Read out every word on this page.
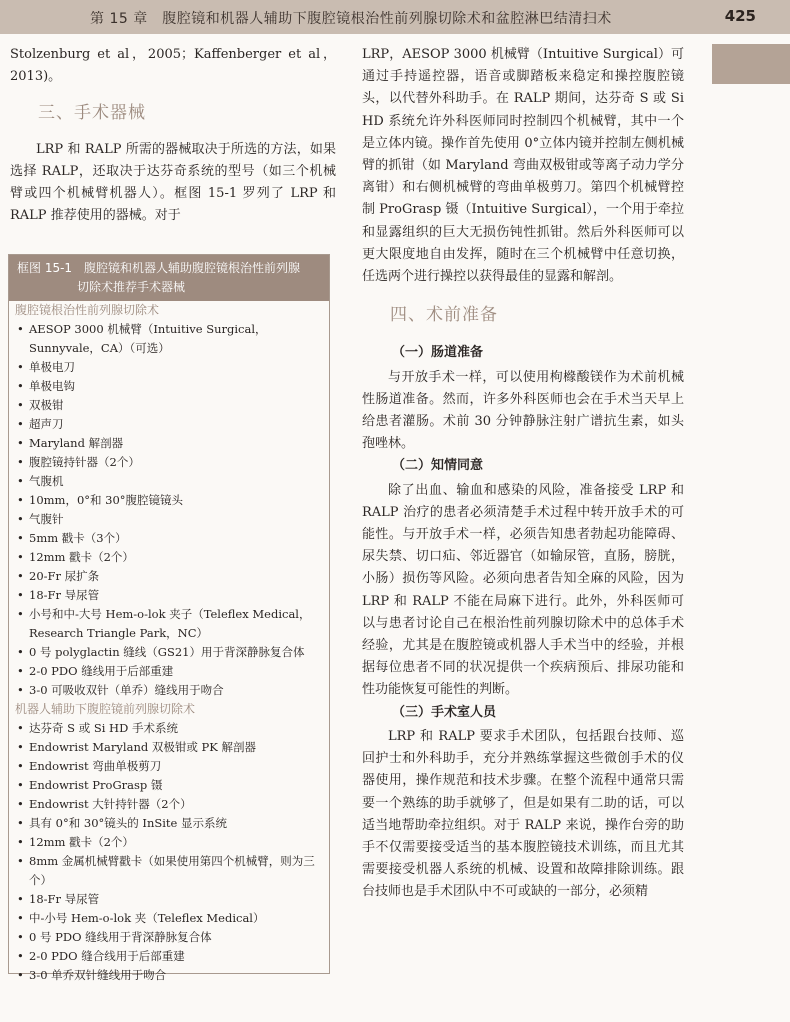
第 15 章　腹腔镜和机器人辅助下腹腔镜根治性前列腺切除术和盆腔淋巴结清扫术	425

Stolzenburg et al，2005；Kaffenberger et al，2013)。

三、手术器械

LRP 和 RALP 所需的器械取决于所选的方法，如果选择 RALP，还取决于达芬奇系统的型号（如三个机械臂或四个机械臂机器人）。框图 15-1 罗列了 LRP 和 RALP 推荐使用的器械。对于

框图 15-1　腹腔镜和机器人辅助腹腔镜根治性前列腺
切除术推荐手术器械
腹腔镜根治性前列腺切除术
• AESOP 3000 机械臂（Intuitive Surgical，Sunnyvale，CA）（可选）
• 单极电刀
• 单极电钩
• 双极钳
• 超声刀
• Maryland 解剖器
• 腹腔镜持针器（2个）
• 气腹机
• 10mm，0°和 30°腹腔镜镜头
• 气腹针
• 5mm 戳卡（3个）
• 12mm 戳卡（2个）
• 20-Fr 尿扩条
• 18-Fr 导尿管
• 小号和中-大号 Hem-o-lok 夹子（Teleflex Medical，Research Triangle Park，NC）
• 0 号 polyglactin 缝线（GS21）用于背深静脉复合体
• 2-0 PDO 缝线用于后部重建
• 3-0 可吸收双针（单乔）缝线用于吻合
机器人辅助下腹腔镜前列腺切除术
• 达芬奇 S 或 Si HD 手术系统
• Endowrist Maryland 双极钳或 PK 解剖器
• Endowrist 弯曲单极剪刀
• Endowrist ProGrasp 镊
• Endowrist 大针持针器（2个）
• 具有 0°和 30°镜头的 InSite 显示系统
• 12mm 戳卡（2个）
• 8mm 金属机械臂戳卡（如果使用第四个机械臂，则为三个）
• 18-Fr 导尿管
• 中-小号 Hem-o-lok 夹（Teleflex Medical）
• 0 号 PDO 缝线用于背深静脉复合体
• 2-0 PDO 缝合线用于后部重建
• 3-0 单乔双针缝线用于吻合

LRP，AESOP 3000 机械臂（Intuitive Surgical）可通过手持遥控器，语音或脚踏板来稳定和操控腹腔镜头，以代替外科助手。在 RALP 期间，达芬奇 S 或 Si HD 系统允许外科医师同时控制四个机械臂，其中一个是立体内镜。操作首先使用 0°立体内镜并控制左侧机械臂的抓钳（如 Maryland 弯曲双极钳或等离子动力学分离钳）和右侧机械臂的弯曲单极剪刀。第四个机械臂控制 ProGrasp 镊（Intuitive Surgical），一个用于牵拉和显露组织的巨大无损伤钝性抓钳。然后外科医师可以更大限度地自由发挥，随时在三个机械臂中任意切换，任选两个进行操控以获得最佳的显露和解剖。

四、术前准备
（一）肠道准备

与开放手术一样，可以使用枸橼酸镁作为术前机械性肠道准备。然而，许多外科医师也会在手术当天早上给患者灌肠。术前 30 分钟静脉注射广谱抗生素，如头孢唑林。

（二）知情同意

除了出血、输血和感染的风险，准备接受 LRP 和 RALP 治疗的患者必须清楚手术过程中转开放手术的可能性。与开放手术一样，必须告知患者勃起功能障碍、尿失禁、切口疝、邻近器官（如输尿管，直肠，膀胱，小肠）损伤等风险。必须向患者告知全麻的风险，因为 LRP 和 RALP 不能在局麻下进行。此外，外科医师可以与患者讨论自己在根治性前列腺切除术中的总体手术经验，尤其是在腹腔镜或机器人手术当中的经验，并根据每位患者不同的状况提供一个疾病预后、排尿功能和性功能恢复可能性的判断。

（三）手术室人员

LRP 和 RALP 要求手术团队，包括跟台技师、巡回护士和外科助手，充分并熟练掌握这些微创手术的仪器使用，操作规范和技术步骤。在整个流程中通常只需要一个熟练的助手就够了，但是如果有二助的话，可以适当地帮助牵拉组织。对于 RALP 来说，操作台旁的助手不仅需要接受适当的基本腹腔镜技术训练，而且尤其需要接受机器人系统的机械、设置和故障排除训练。跟台技师也是手术团队中不可或缺的一部分，必须精
